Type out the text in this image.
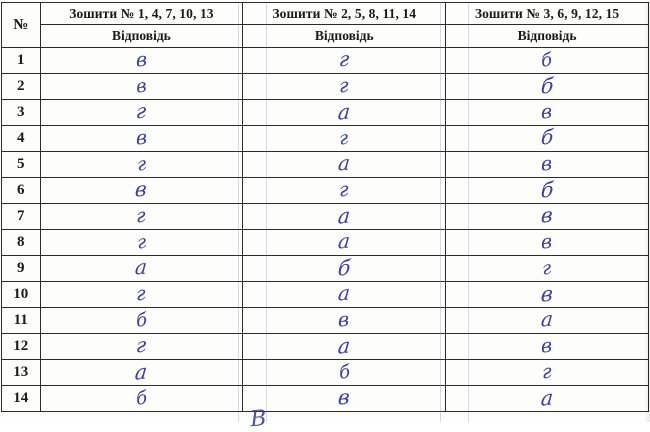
№	Зошити № 1, 4, 7, 10, 13	Зошити № 2, 5, 8, 11, 14	Зошити № 3, 6, 9, 12, 15
	Відповідь	Відповідь	Відповідь
1	в	г	б
2	в	г	б
3	г	а	в
4	в	г	б
5	г	а	в
6	в	г	б
7	г	а	в
8	г	а	в
9	а	б	г
10	г	а	в
11	б	в	а
12	г	а	в
13	а	б	г
14	б	в	а
В
